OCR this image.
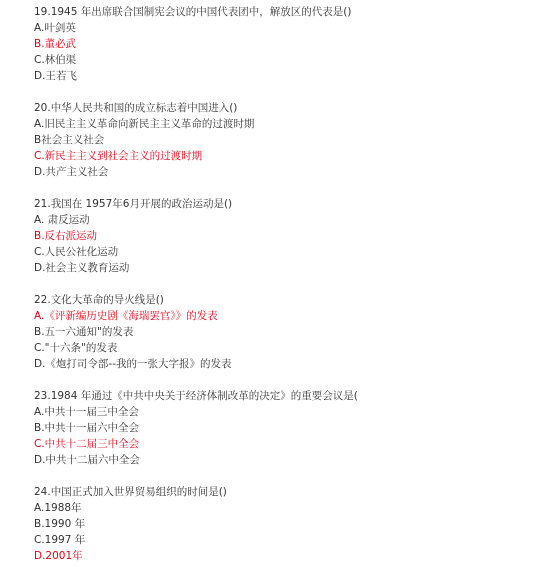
19.1945 年出席联合国制宪会议的中国代表团中，解放区的代表是()
A.叶剑英
B.董必武
C.林伯渠
D.王若飞
20.中华人民共和国的成立标志着中国进入()
A.旧民主主义革命向新民主主义革命的过渡时期
B社会主义社会
C.新民主主义到社会主义的过渡时期
D.共产主义社会
21.我国在 1957年6月开展的政治运动是()
A. 肃反运动
B.反右派运动
C.人民公社化运动
D.社会主义教育运动
22.文化大革命的导火线是()
A.《评新编历史剧《海瑞罢官》》的发表
B.五一六通知"的发表
C."十六条"的发表
D.《炮打司令部--我的一张大字报》的发表
23.1984 年通过《中共中央关于经济体制改革的决定》的重要会议是(
A.中共十一届三中全会
B.中共十一届六中全会
C.中共十二届三中全会
D.中共十二届六中全会
24.中国正式加入世界贸易组织的时间是()
A.1988年
B.1990 年
C.1997 年
D.2001年
